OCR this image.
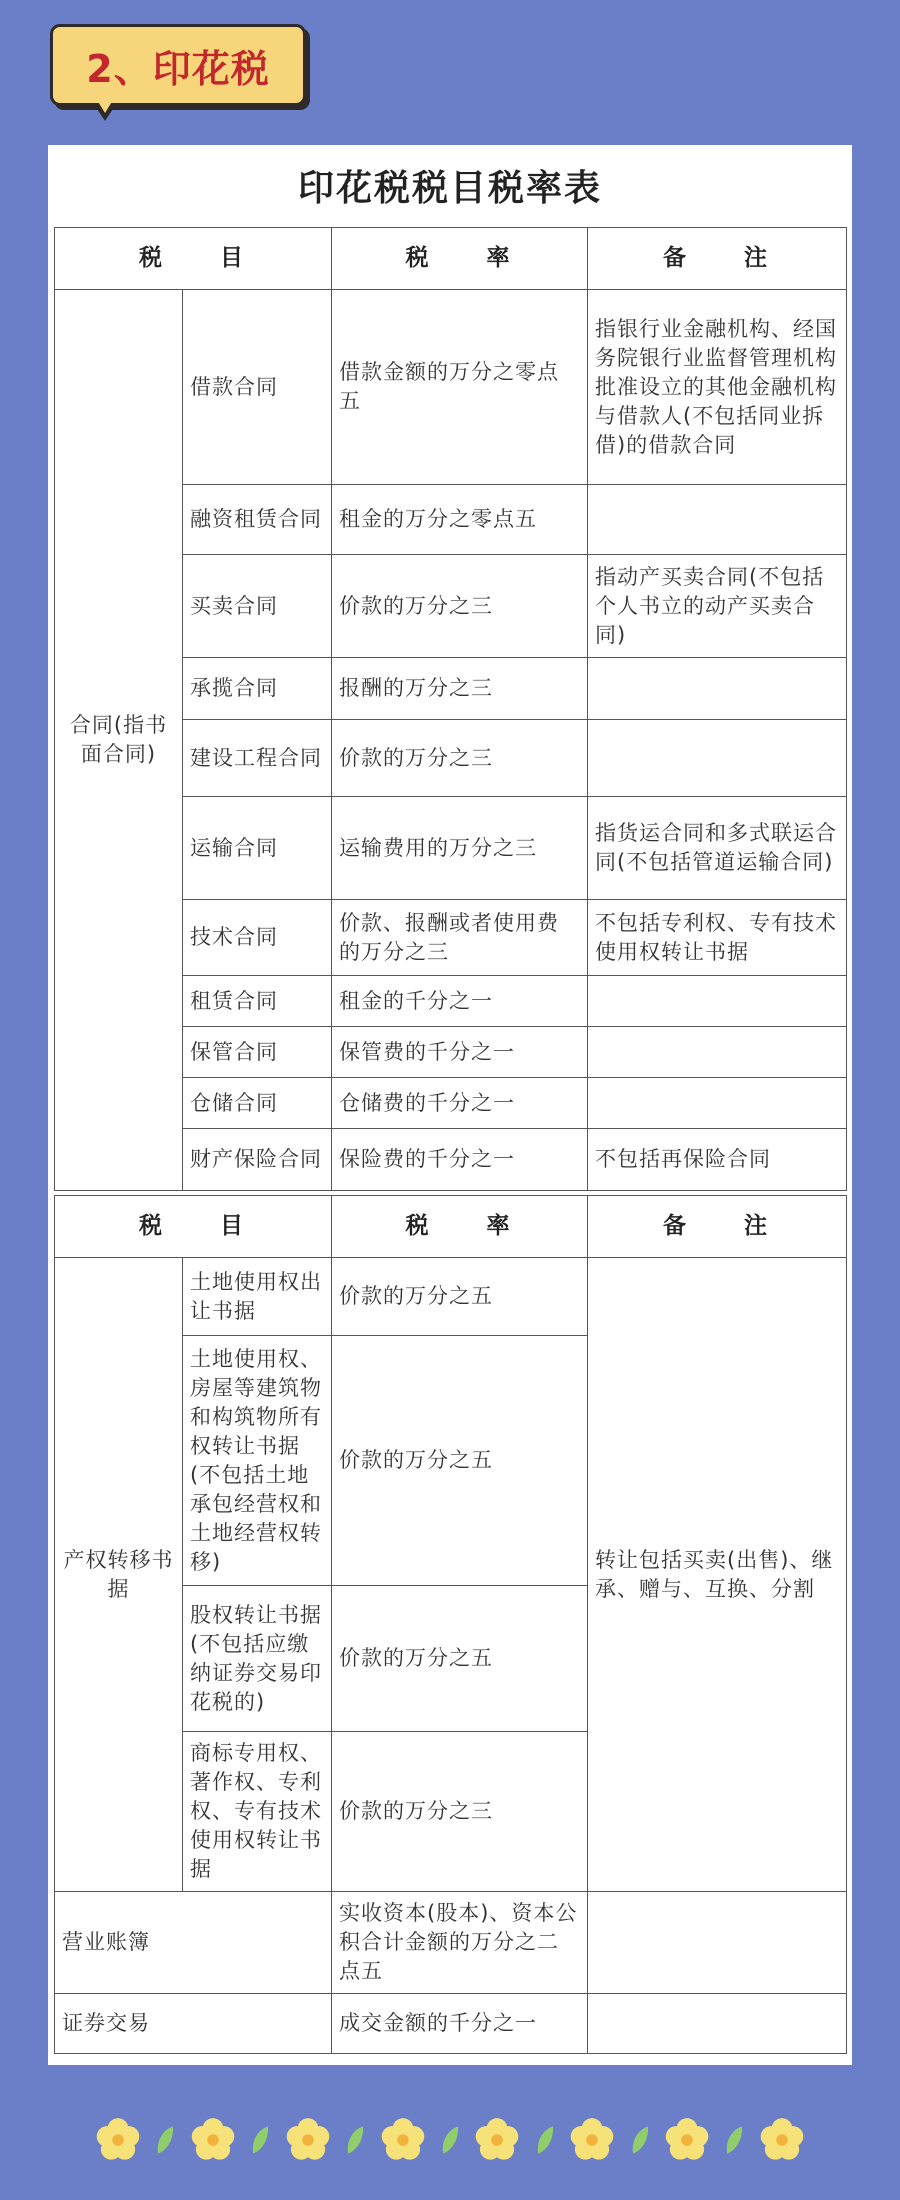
2、印花税
印花税税目税率表
税　　目		税　　率	备　　注
合同(指书面合同)	借款合同	借款金额的万分之零点五	指银行业金融机构、经国务院银行业监督管理机构批准设立的其他金融机构与借款人(不包括同业拆借)的借款合同
	融资租赁合同	租金的万分之零点五	
	买卖合同	价款的万分之三	指动产买卖合同(不包括个人书立的动产买卖合同)
	承揽合同	报酬的万分之三	
	建设工程合同	价款的万分之三	
	运输合同	运输费用的万分之三	指货运合同和多式联运合同(不包括管道运输合同)
	技术合同	价款、报酬或者使用费的万分之三	不包括专利权、专有技术使用权转让书据
	租赁合同	租金的千分之一	
	保管合同	保管费的千分之一	
	仓储合同	仓储费的千分之一	
	财产保险合同	保险费的千分之一	不包括再保险合同
税　　目		税　　率	备　　注
产权转移书据	土地使用权出让书据	价款的万分之五	转让包括买卖(出售)、继承、赠与、互换、分割
	土地使用权、房屋等建筑物和构筑物所有权转让书据(不包括土地承包经营权和土地经营权转移)	价款的万分之五	
	股权转让书据(不包括应缴纳证券交易印花税的)	价款的万分之五	
	商标专用权、著作权、专利权、专有技术使用权转让书据	价款的万分之三	
营业账簿		实收资本(股本)、资本公积合计金额的万分之二点五	
证券交易		成交金额的千分之一	
